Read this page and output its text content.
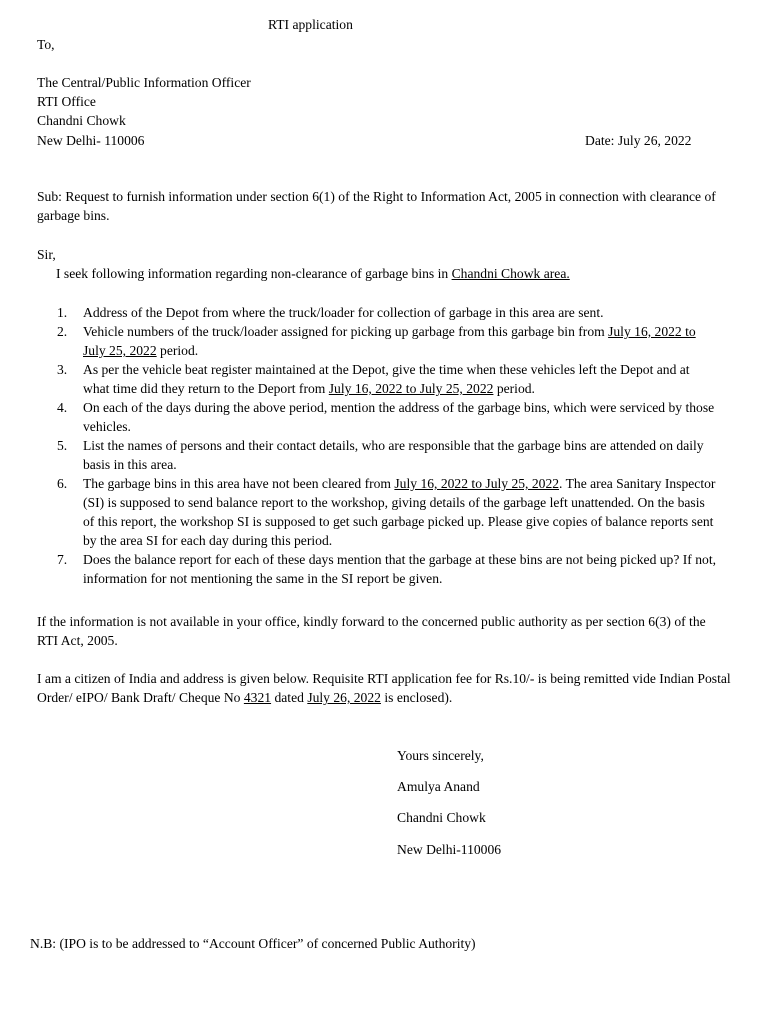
RTI application
To,
The Central/Public Information Officer
RTI Office
Chandni Chowk
New Delhi- 110006	Date: July 26, 2022
Sub: Request to furnish information under section 6(1) of the Right to Information Act, 2005 in connection with clearance of garbage bins.
Sir,
I seek following information regarding non-clearance of garbage bins in Chandni Chowk area.
1. Address of the Depot from where the truck/loader for collection of garbage in this area are sent.
2. Vehicle numbers of the truck/loader assigned for picking up garbage from this garbage bin from July 16, 2022 to July 25, 2022 period.
3. As per the vehicle beat register maintained at the Depot, give the time when these vehicles left the Depot and at what time did they return to the Deport from July 16, 2022 to July 25, 2022 period.
4. On each of the days during the above period, mention the address of the garbage bins, which were serviced by those vehicles.
5. List the names of persons and their contact details, who are responsible that the garbage bins are attended on daily basis in this area.
6. The garbage bins in this area have not been cleared from July 16, 2022 to July 25, 2022. The area Sanitary Inspector (SI) is supposed to send balance report to the workshop, giving details of the garbage left unattended. On the basis of this report, the workshop SI is supposed to get such garbage picked up. Please give copies of balance reports sent by the area SI for each day during this period.
7. Does the balance report for each of these days mention that the garbage at these bins are not being picked up? If not, information for not mentioning the same in the SI report be given.
If the information is not available in your office, kindly forward to the concerned public authority as per section 6(3) of the RTI Act, 2005.
I am a citizen of India and address is given below. Requisite RTI application fee for Rs.10/- is being remitted vide Indian Postal Order/ eIPO/ Bank Draft/ Cheque No 4321 dated July 26, 2022 is enclosed).
Yours sincerely,
Amulya Anand
Chandni Chowk
New Delhi-110006
N.B: (IPO is to be addressed to “Account Officer” of concerned Public Authority)
